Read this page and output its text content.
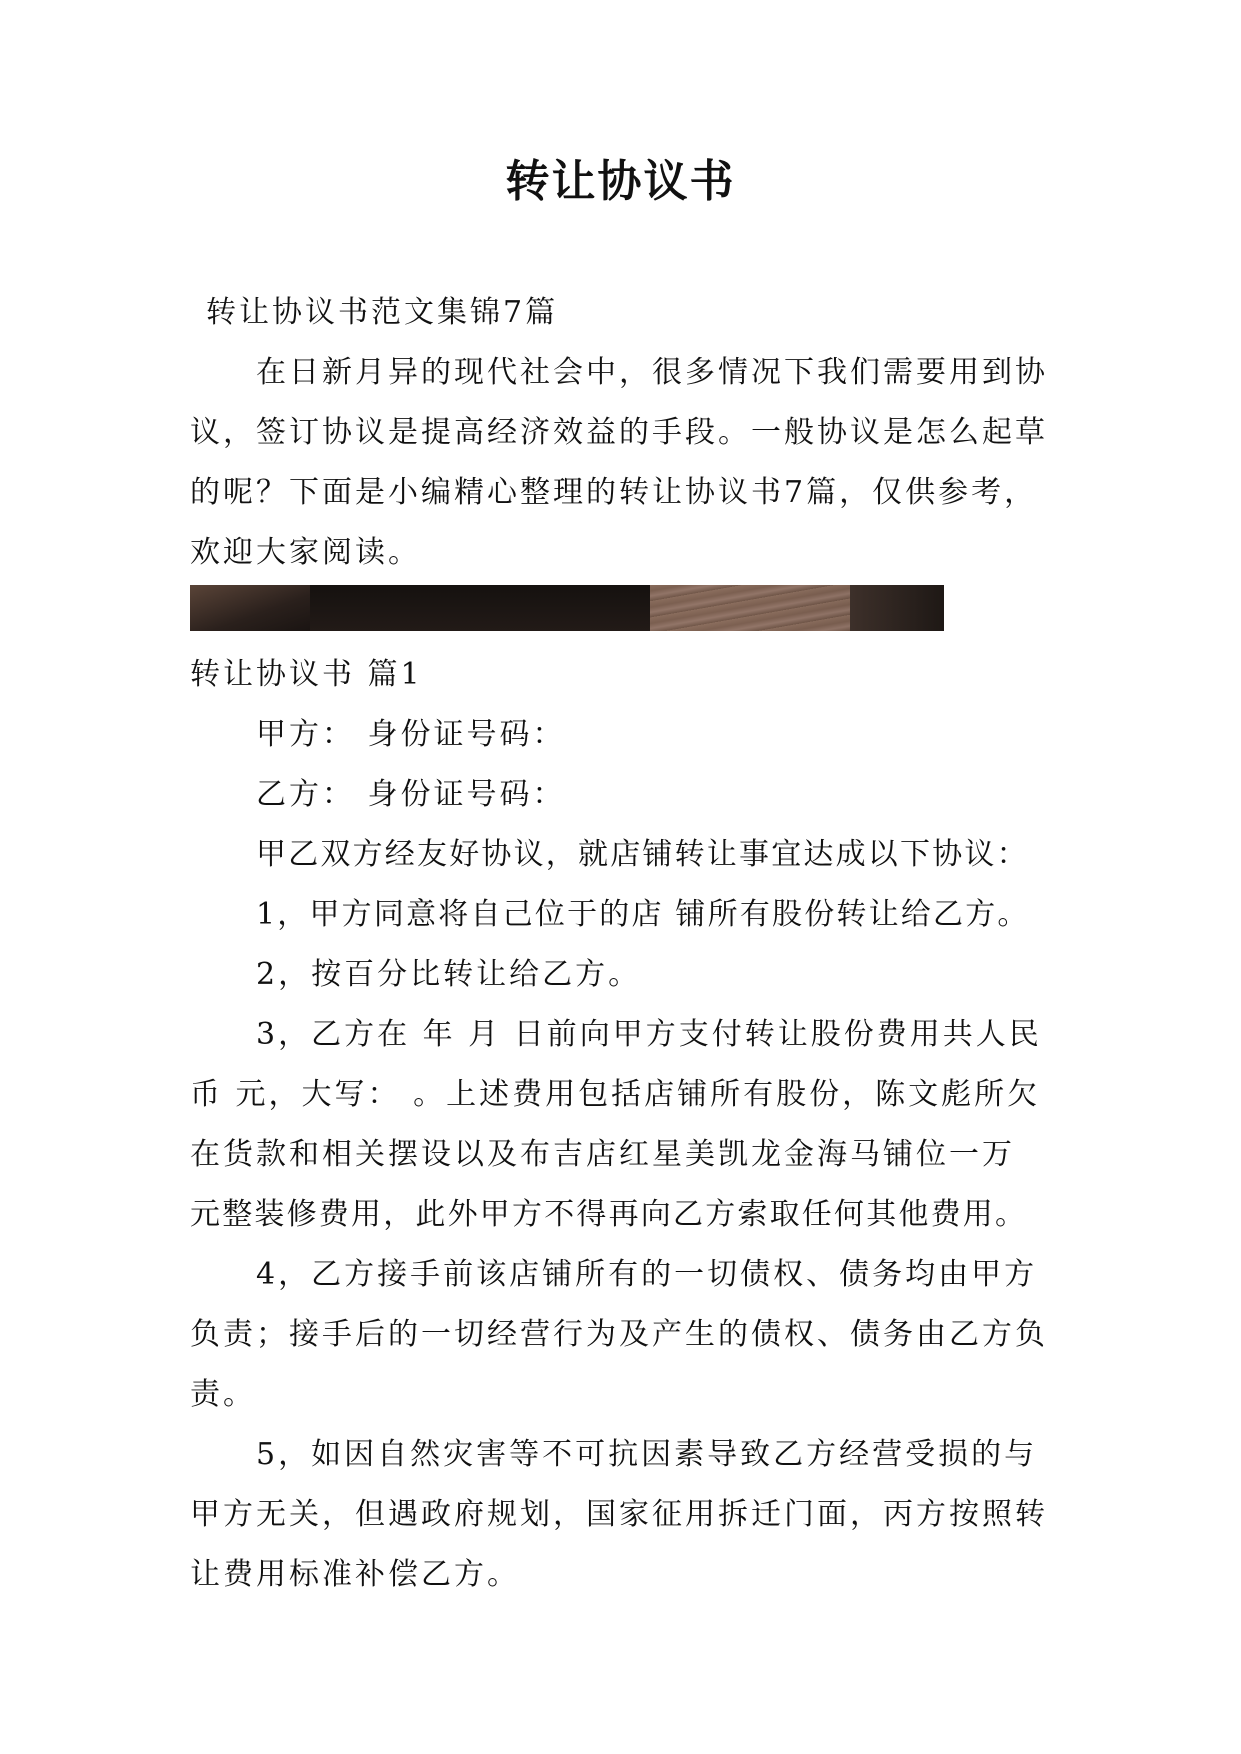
转让协议书
转让协议书范文集锦7篇
在日新月异的现代社会中，很多情况下我们需要用到协
议，签订协议是提高经济效益的手段。一般协议是怎么起草
的呢？下面是小编精心整理的转让协议书7篇，仅供参考，
欢迎大家阅读。
转让协议书 篇1
甲方： 身份证号码：
乙方： 身份证号码：
甲乙双方经友好协议，就店铺转让事宜达成以下协议：
1，甲方同意将自己位于的店 铺所有股份转让给乙方。
2，按百分比转让给乙方。
3，乙方在 年 月 日前向甲方支付转让股份费用共人民
币 元，大写： 。上述费用包括店铺所有股份，陈文彪所欠
在货款和相关摆设以及布吉店红星美凯龙金海马铺位一万
元整装修费用，此外甲方不得再向乙方索取任何其他费用。
4，乙方接手前该店铺所有的一切债权、债务均由甲方
负责；接手后的一切经营行为及产生的债权、债务由乙方负
责。
5，如因自然灾害等不可抗因素导致乙方经营受损的与
甲方无关，但遇政府规划，国家征用拆迁门面，丙方按照转
让费用标准补偿乙方。
